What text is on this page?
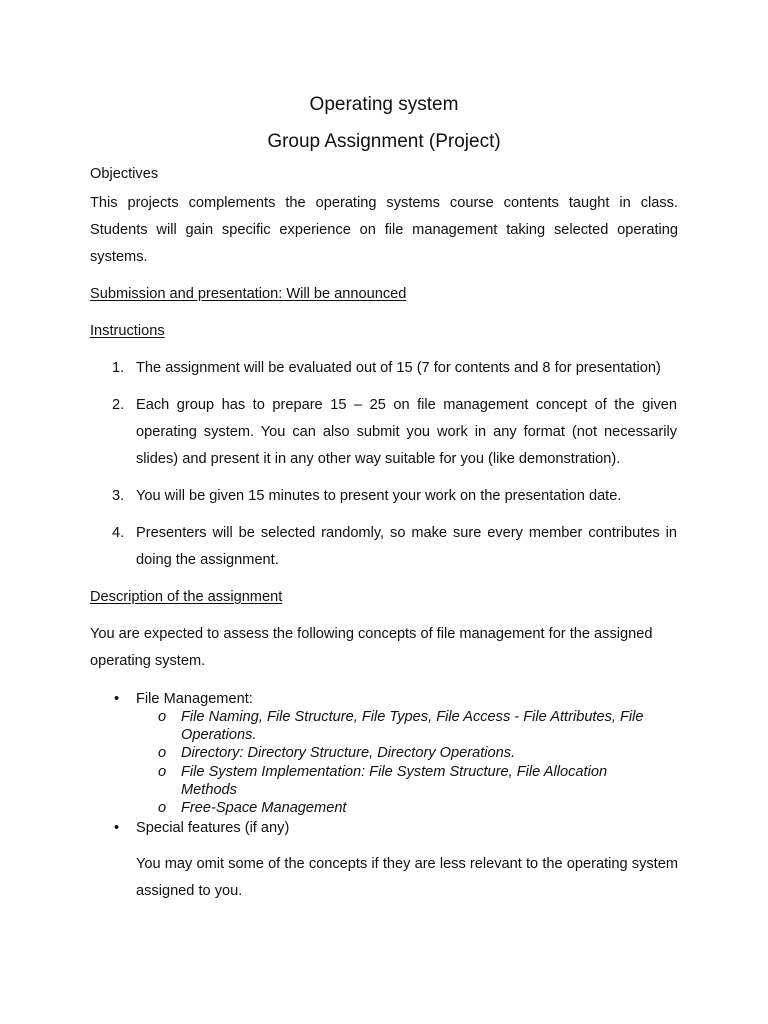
Operating system
Group Assignment (Project)
Objectives
This projects complements the operating systems course contents taught in class. Students will gain specific experience on file management taking selected operating systems.
Submission and presentation: Will be announced
Instructions
1. The assignment will be evaluated out of 15 (7 for contents and 8 for presentation)
2. Each group has to prepare 15 – 25 on file management concept of the given operating system. You can also submit you work in any format (not necessarily slides) and present it in any other way suitable for you (like demonstration).
3. You will be given 15 minutes to present your work on the presentation date.
4. Presenters will be selected randomly, so make sure every member contributes in doing the assignment.
Description of the assignment
You are expected to assess the following concepts of file management for the assigned operating system.
• File Management:
o File Naming, File Structure, File Types, File Access - File Attributes, File Operations.
o Directory: Directory Structure, Directory Operations.
o File System Implementation: File System Structure, File Allocation Methods
o Free-Space Management
• Special features (if any)
You may omit some of the concepts if they are less relevant to the operating system assigned to you.
